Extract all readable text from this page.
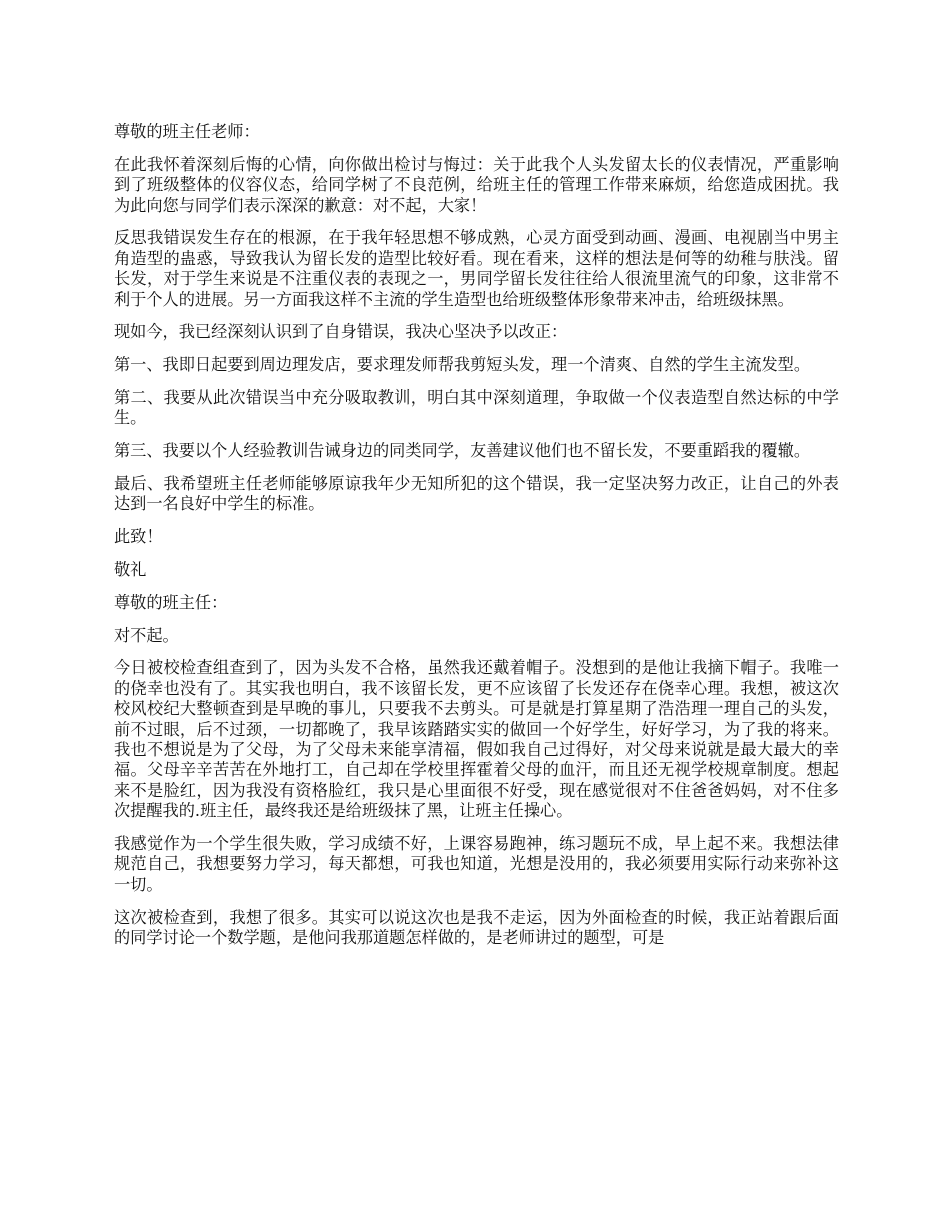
尊敬的班主任老师：

在此我怀着深刻后悔的心情，向你做出检讨与悔过：关于此我个人头发留太长的仪表情况，严重影响到了班级整体的仪容仪态，给同学树了不良范例，给班主任的管理工作带来麻烦，给您造成困扰。我为此向您与同学们表示深深的歉意：对不起，大家！

反思我错误发生存在的根源，在于我年轻思想不够成熟，心灵方面受到动画、漫画、电视剧当中男主角造型的蛊惑，导致我认为留长发的造型比较好看。现在看来，这样的想法是何等的幼稚与肤浅。留长发，对于学生来说是不注重仪表的表现之一，男同学留长发往往给人很流里流气的印象，这非常不利于个人的进展。另一方面我这样不主流的学生造型也给班级整体形象带来冲击，给班级抹黑。

现如今，我已经深刻认识到了自身错误，我决心坚决予以改正：

第一、我即日起要到周边理发店，要求理发师帮我剪短头发，理一个清爽、自然的学生主流发型。

第二、我要从此次错误当中充分吸取教训，明白其中深刻道理，争取做一个仪表造型自然达标的中学生。

第三、我要以个人经验教训告诫身边的同类同学，友善建议他们也不留长发，不要重蹈我的覆辙。

最后、我希望班主任老师能够原谅我年少无知所犯的这个错误，我一定坚决努力改正，让自己的外表达到一名良好中学生的标准。

此致！

敬礼

尊敬的班主任：

对不起。

今日被校检查组查到了，因为头发不合格，虽然我还戴着帽子。没想到的是他让我摘下帽子。我唯一的侥幸也没有了。其实我也明白，我不该留长发，更不应该留了长发还存在侥幸心理。我想，被这次校风校纪大整顿查到是早晚的事儿，只要我不去剪头。可是就是打算星期了浩浩理一理自己的头发，前不过眼，后不过颈，一切都晚了，我早该踏踏实实的做回一个好学生，好好学习，为了我的将来。我也不想说是为了父母，为了父母未来能享清福，假如我自己过得好，对父母来说就是最大最大的幸福。父母辛辛苦苦在外地打工，自己却在学校里挥霍着父母的血汗，而且还无视学校规章制度。想起来不是脸红，因为我没有资格脸红，我只是心里面很不好受，现在感觉很对不住爸爸妈妈，对不住多次提醒我的.班主任，最终我还是给班级抹了黑，让班主任操心。

我感觉作为一个学生很失败，学习成绩不好，上课容易跑神，练习题玩不成，早上起不来。我想法律规范自己，我想要努力学习，每天都想，可我也知道，光想是没用的，我必须要用实际行动来弥补这一切。

这次被检查到，我想了很多。其实可以说这次也是我不走运，因为外面检查的时候，我正站着跟后面的同学讨论一个数学题，是他问我那道题怎样做的，是老师讲过的题型，可是
